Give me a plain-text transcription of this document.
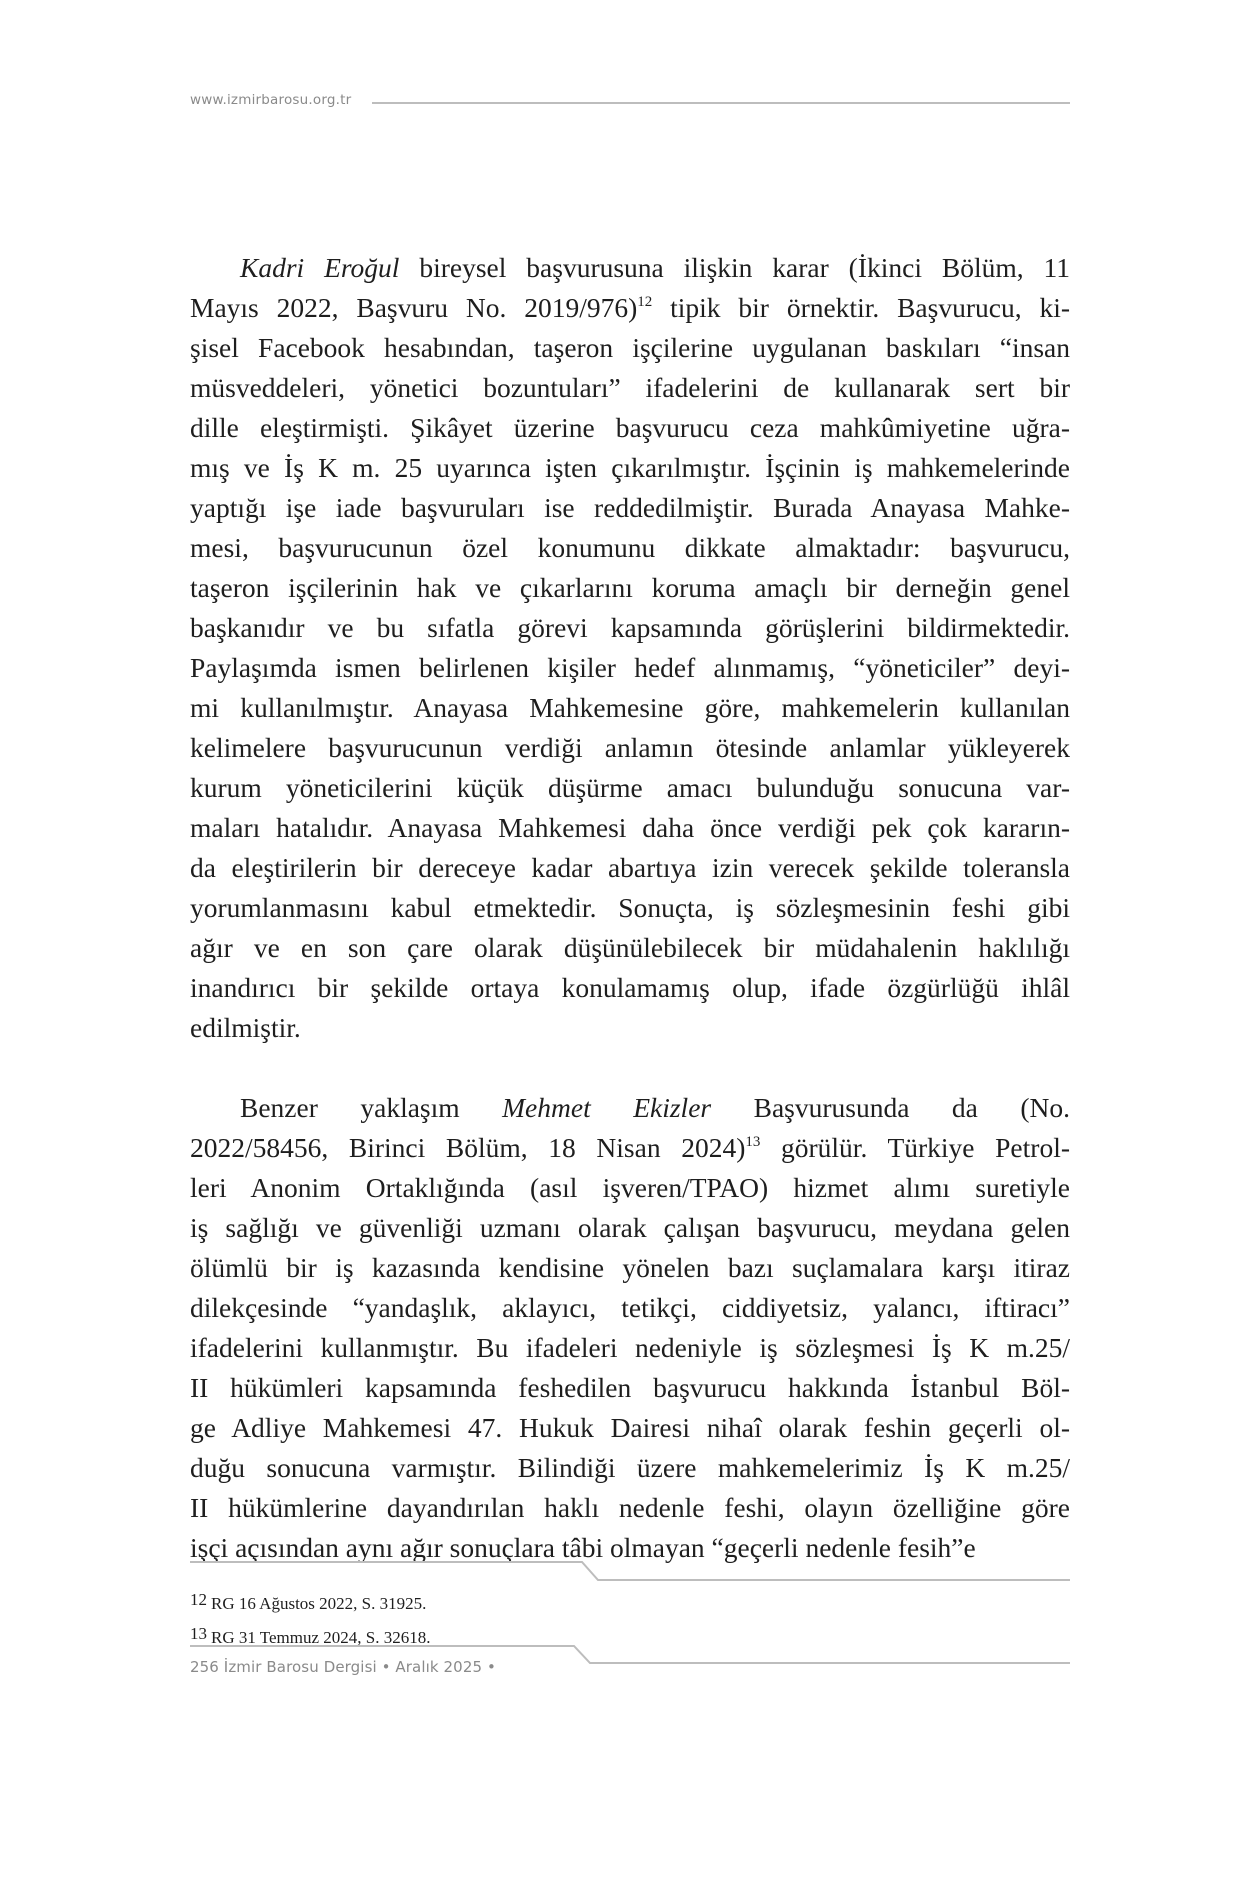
www.izmirbarosu.org.tr
Kadri Eroğul bireysel başvurusuna ilişkin karar (İkinci Bölüm, 11
Mayıs 2022, Başvuru No. 2019/976)$^{12}$ tipik bir örnektir. Başvurucu, ki-
şisel Facebook hesabından, taşeron işçilerine uygulanan baskıları “insan
müsveddeleri, yönetici bozuntuları” ifadelerini de kullanarak sert bir
dille eleştirmişti. Şikâyet üzerine başvurucu ceza mahkûmiyetine uğra-
mış ve İş K m. 25 uyarınca işten çıkarılmıştır. İşçinin iş mahkemelerinde
yaptığı işe iade başvuruları ise reddedilmiştir. Burada Anayasa Mahke-
mesi, başvurucunun özel konumunu dikkate almaktadır: başvurucu,
taşeron işçilerinin hak ve çıkarlarını koruma amaçlı bir derneğin genel
başkanıdır ve bu sıfatla görevi kapsamında görüşlerini bildirmektedir.
Paylaşımda ismen belirlenen kişiler hedef alınmamış, “yöneticiler” deyi-
mi kullanılmıştır. Anayasa Mahkemesine göre, mahkemelerin kullanılan
kelimelere başvurucunun verdiği anlamın ötesinde anlamlar yükleyerek
kurum yöneticilerini küçük düşürme amacı bulunduğu sonucuna var-
maları hatalıdır. Anayasa Mahkemesi daha önce verdiği pek çok kararın-
da eleştirilerin bir dereceye kadar abartıya izin verecek şekilde toleransla
yorumlanmasını kabul etmektedir. Sonuçta, iş sözleşmesinin feshi gibi
ağır ve en son çare olarak düşünülebilecek bir müdahalenin haklılığı
inandırıcı bir şekilde ortaya konulamamış olup, ifade özgürlüğü ihlâl
edilmiştir.
Benzer yaklaşım Mehmet Ekizler Başvurusunda da (No.
2022/58456, Birinci Bölüm, 18 Nisan 2024)$^{13}$ görülür. Türkiye Petrol-
leri Anonim Ortaklığında (asıl işveren/TPAO) hizmet alımı suretiyle
iş sağlığı ve güvenliği uzmanı olarak çalışan başvurucu, meydana gelen
ölümlü bir iş kazasında kendisine yönelen bazı suçlamalara karşı itiraz
dilekçesinde “yandaşlık, aklayıcı, tetikçi, ciddiyetsiz, yalancı, iftiracı”
ifadelerini kullanmıştır. Bu ifadeleri nedeniyle iş sözleşmesi İş K m.25/
II hükümleri kapsamında feshedilen başvurucu hakkında İstanbul Böl-
ge Adliye Mahkemesi 47. Hukuk Dairesi nihaî olarak feshin geçerli ol-
duğu sonucuna varmıştır. Bilindiği üzere mahkemelerimiz İş K m.25/
II hükümlerine dayandırılan haklı nedenle feshi, olayın özelliğine göre
işçi açısından aynı ağır sonuçlara tâbi olmayan “geçerli nedenle fesih”e
12 RG 16 Ağustos 2022, S. 31925.
13 RG 31 Temmuz 2024, S. 32618.
256 İzmir Barosu Dergisi • Aralık 2025 •
